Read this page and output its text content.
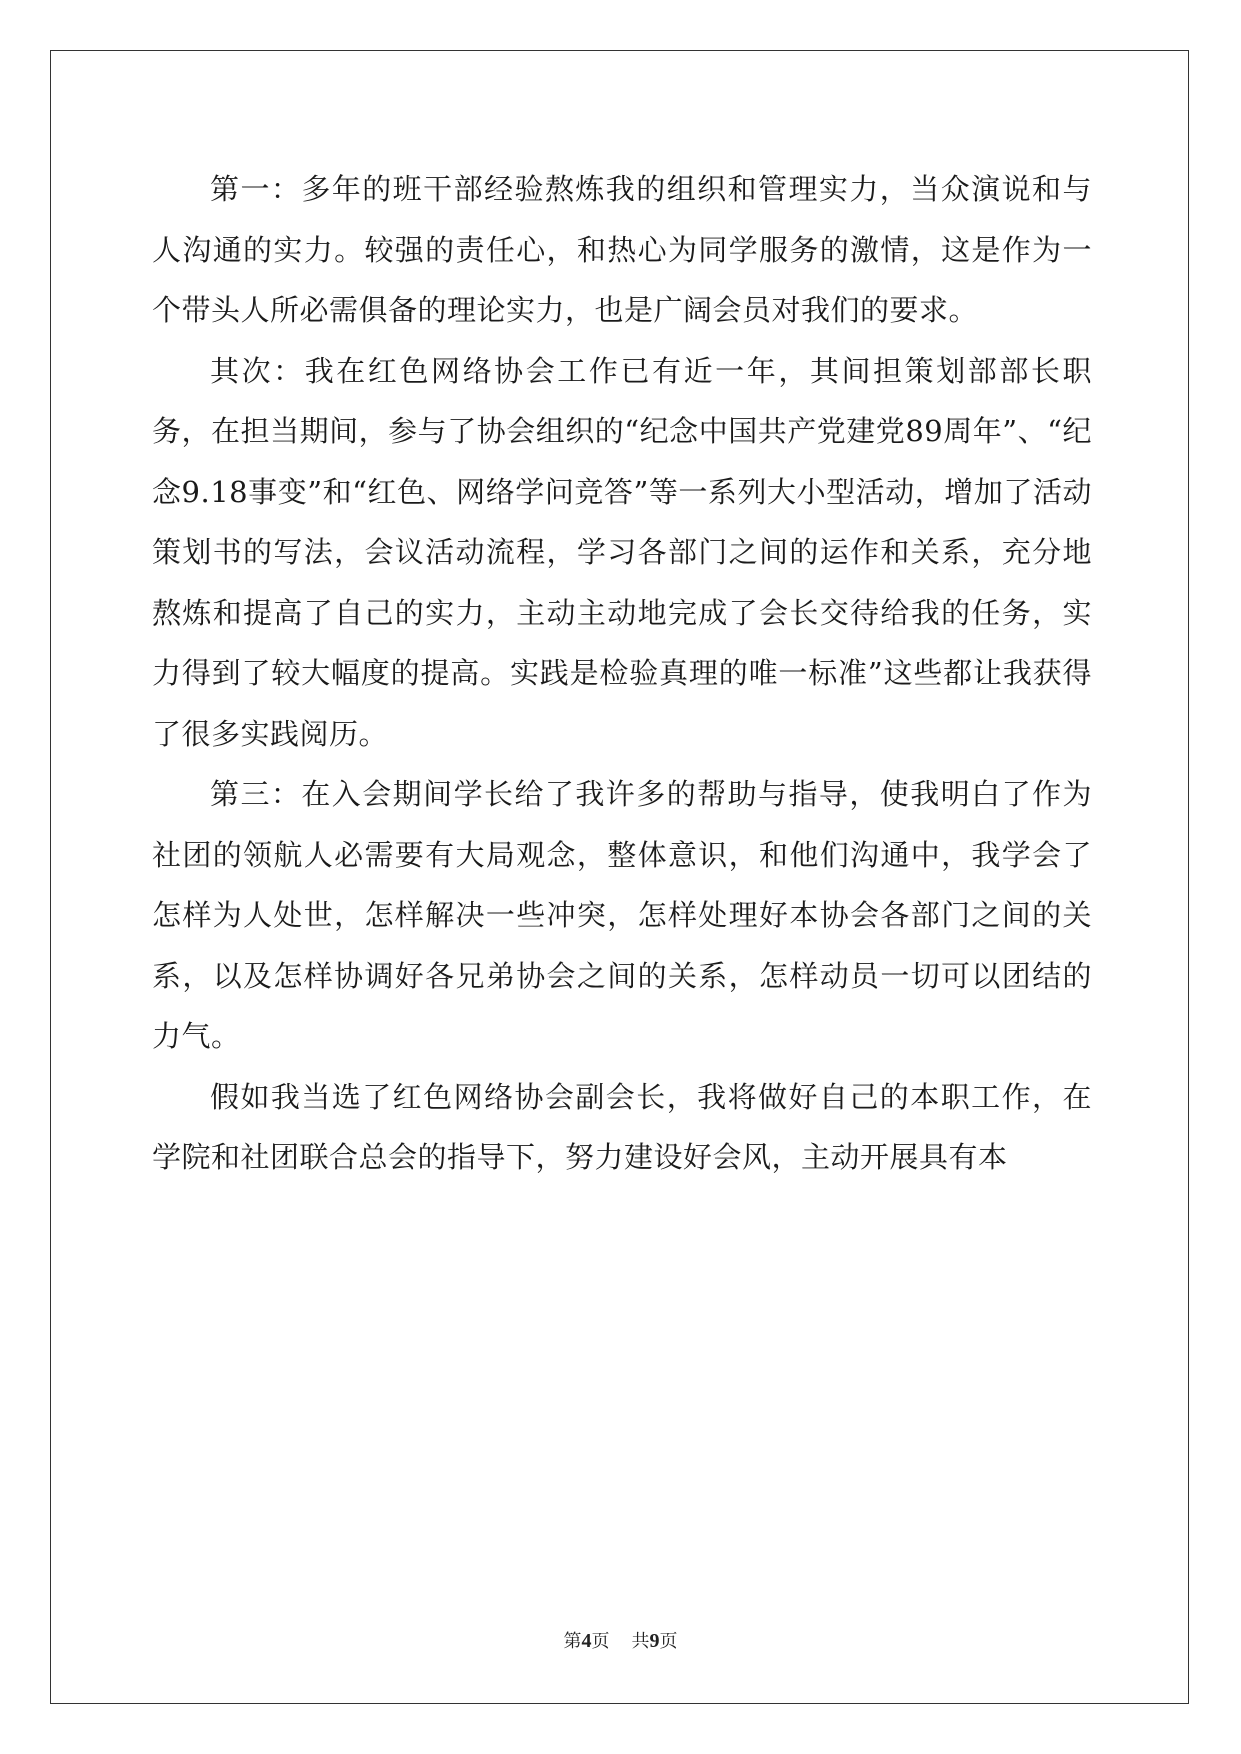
第一：多年的班干部经验熬炼我的组织和管理实力，当众演说和与人沟通的实力。较强的责任心，和热心为同学服务的激情，这是作为一个带头人所必需俱备的理论实力，也是广阔会员对我们的要求。

其次：我在红色网络协会工作已有近一年，其间担策划部部长职务，在担当期间，参与了协会组织的“纪念中国共产党建党89周年”、“纪念9.18事变”和“红色、网络学问竞答”等一系列大小型活动，增加了活动策划书的写法，会议活动流程，学习各部门之间的运作和关系，充分地熬炼和提高了自己的实力，主动主动地完成了会长交待给我的任务，实力得到了较大幅度的提高。实践是检验真理的唯一标准”这些都让我获得了很多实践阅历。

第三：在入会期间学长给了我许多的帮助与指导，使我明白了作为社团的领航人必需要有大局观念，整体意识，和他们沟通中，我学会了怎样为人处世，怎样解决一些冲突，怎样处理好本协会各部门之间的关系，以及怎样协调好各兄弟协会之间的关系，怎样动员一切可以团结的力气。

假如我当选了红色网络协会副会长，我将做好自己的本职工作，在学院和社团联合总会的指导下，努力建设好会风，主动开展具有本

第4页 共9页
